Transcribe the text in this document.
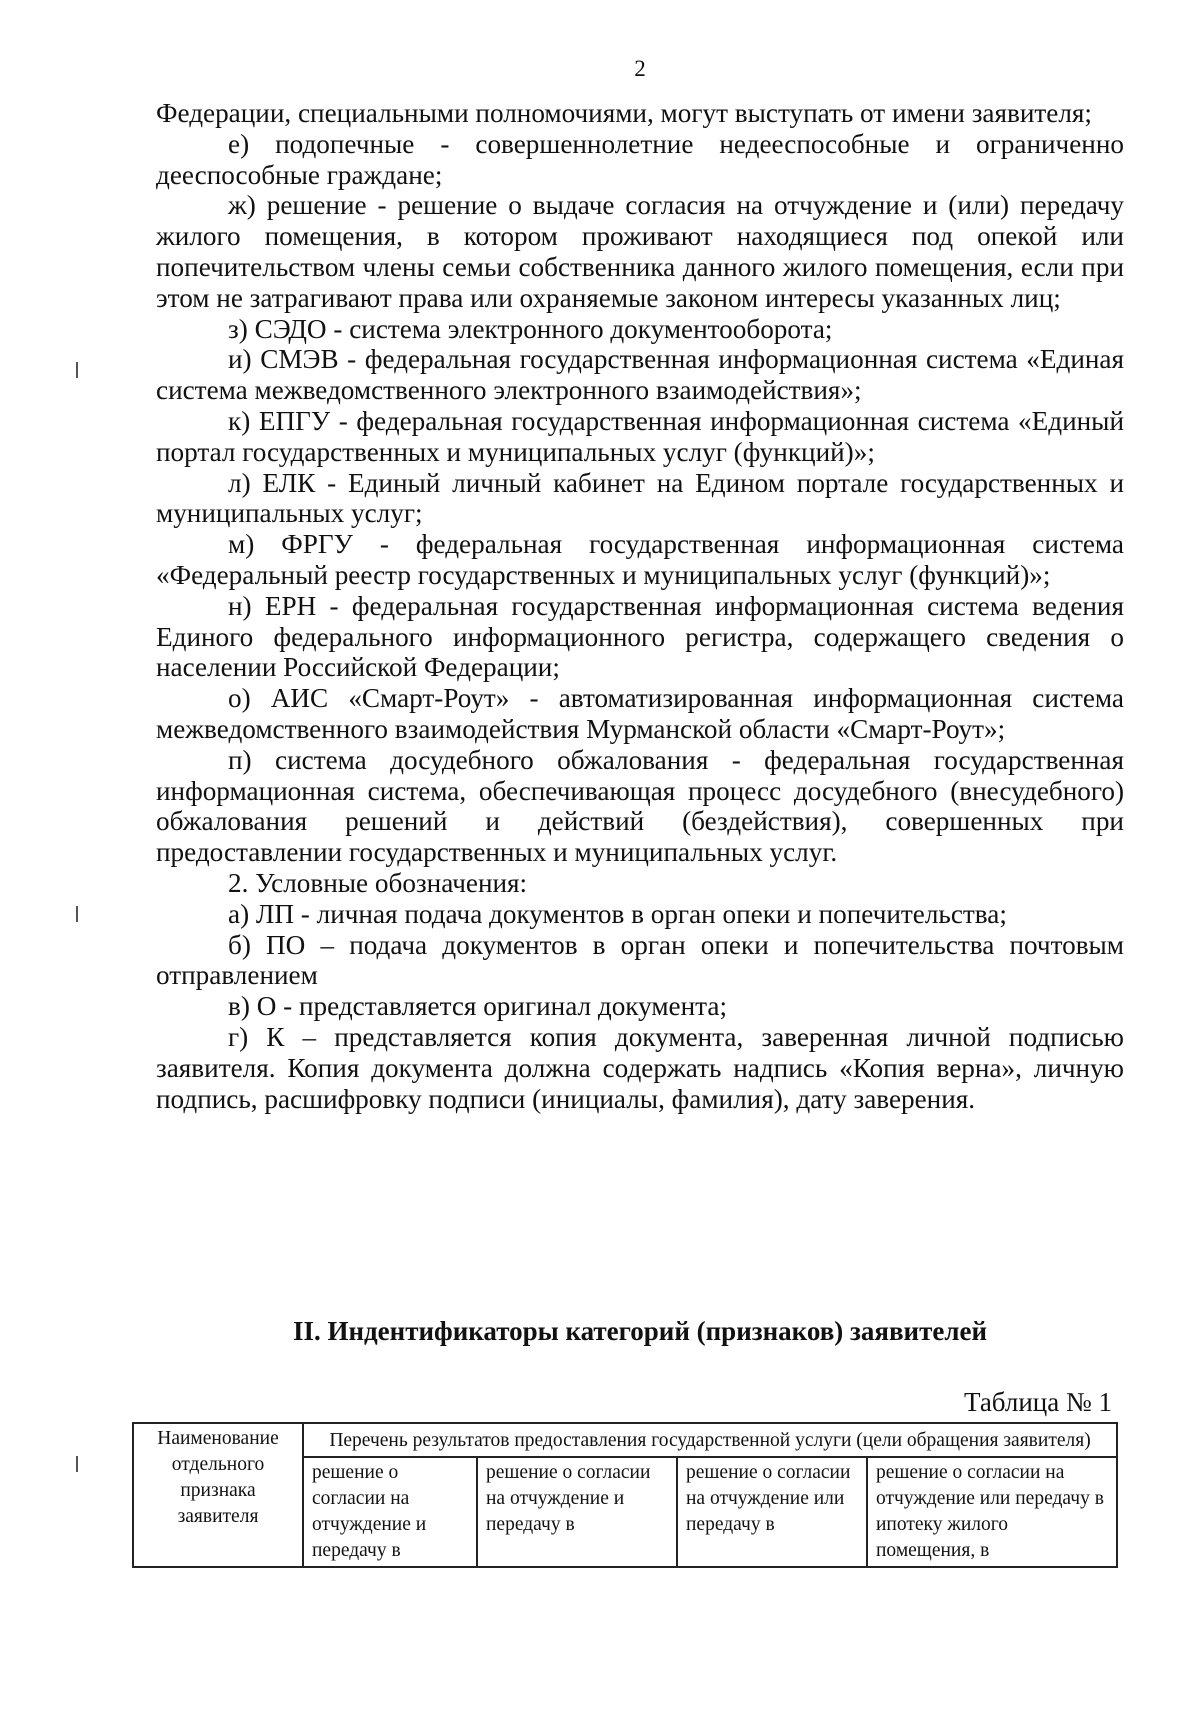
2

Федерации, специальными полномочиями, могут выступать от имени заявителя;

е) подопечные - совершеннолетние недееспособные и ограниченно дееспособные граждане;

ж) решение - решение о выдаче согласия на отчуждение и (или) передачу жилого помещения, в котором проживают находящиеся под опекой или попечительством члены семьи собственника данного жилого помещения, если при этом не затрагивают права или охраняемые законом интересы указанных лиц;

з) СЭДО - система электронного документооборота;

и) СМЭВ - федеральная государственная информационная система «Единая система межведомственного электронного взаимодействия»;

к) ЕПГУ - федеральная государственная информационная система «Единый портал государственных и муниципальных услуг (функций)»;

л) ЕЛК - Единый личный кабинет на Едином портале государственных и муниципальных услуг;

м) ФРГУ - федеральная государственная информационная система «Федеральный реестр государственных и муниципальных услуг (функций)»;

н) ЕРН - федеральная государственная информационная система ведения Единого федерального информационного регистра, содержащего сведения о населении Российской Федерации;

о) АИС «Смарт-Роут» - автоматизированная информационная система межведомственного взаимодействия Мурманской области «Смарт-Роут»;

п) система досудебного обжалования - федеральная государственная информационная система, обеспечивающая процесс досудебного (внесудебного) обжалования решений и действий (бездействия), совершенных при предоставлении государственных и муниципальных услуг.

2. Условные обозначения:

а) ЛП - личная подача документов в орган опеки и попечительства;

б) ПО – подача документов в орган опеки и попечительства почтовым отправлением

в) О - представляется оригинал документа;

г) К – представляется копия документа, заверенная личной подписью заявителя. Копия документа должна содержать надпись «Копия верна», личную подпись, расшифровку подписи (инициалы, фамилия), дату заверения.

II. Индентификаторы категорий (признаков) заявителей

Таблица № 1

Наименование отдельного признака заявителя	Перечень результатов предоставления государственной услуги (цели обращения заявителя)			
	решение о согласии на отчуждение и передачу в	решение о согласии на отчуждение и передачу в	решение о согласии на отчуждение или передачу в	решение о согласии на отчуждение или передачу в ипотеку жилого помещения, в
